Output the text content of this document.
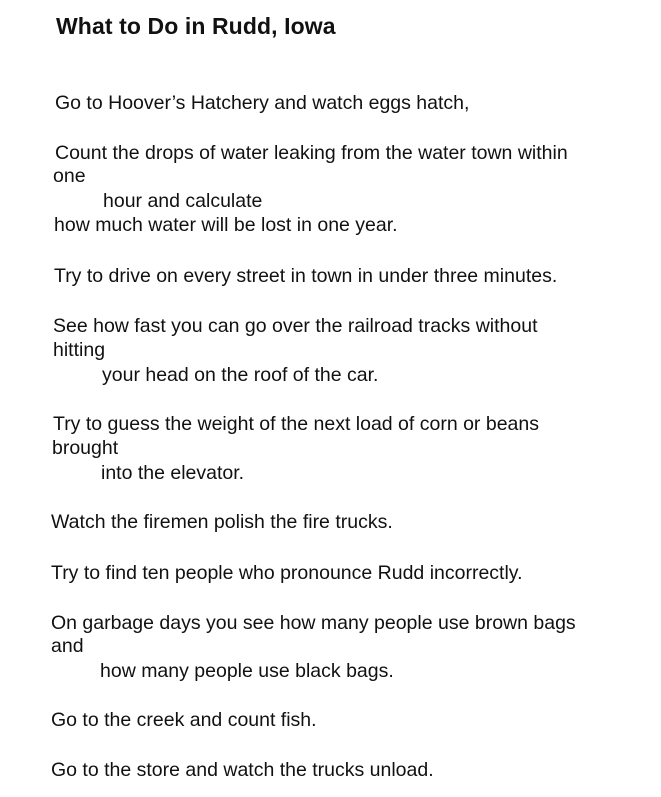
What to Do in Rudd, Iowa

Go to Hoover’s Hatchery and watch eggs hatch,

Count the drops of water leaking from the water town within

one

hour and calculate

how much water will be lost in one year.

Try to drive on every street in town in under three minutes.

See how fast you can go over the railroad tracks without

hitting

your head on the roof of the car.

Try to guess the weight of the next load of corn or beans

brought

into the elevator.

Watch the firemen polish the fire trucks.

Try to find ten people who pronounce Rudd incorrectly.

On garbage days you see how many people use brown bags

and

how many people use black bags.

Go to the creek and count fish.

Go to the store and watch the trucks unload.
